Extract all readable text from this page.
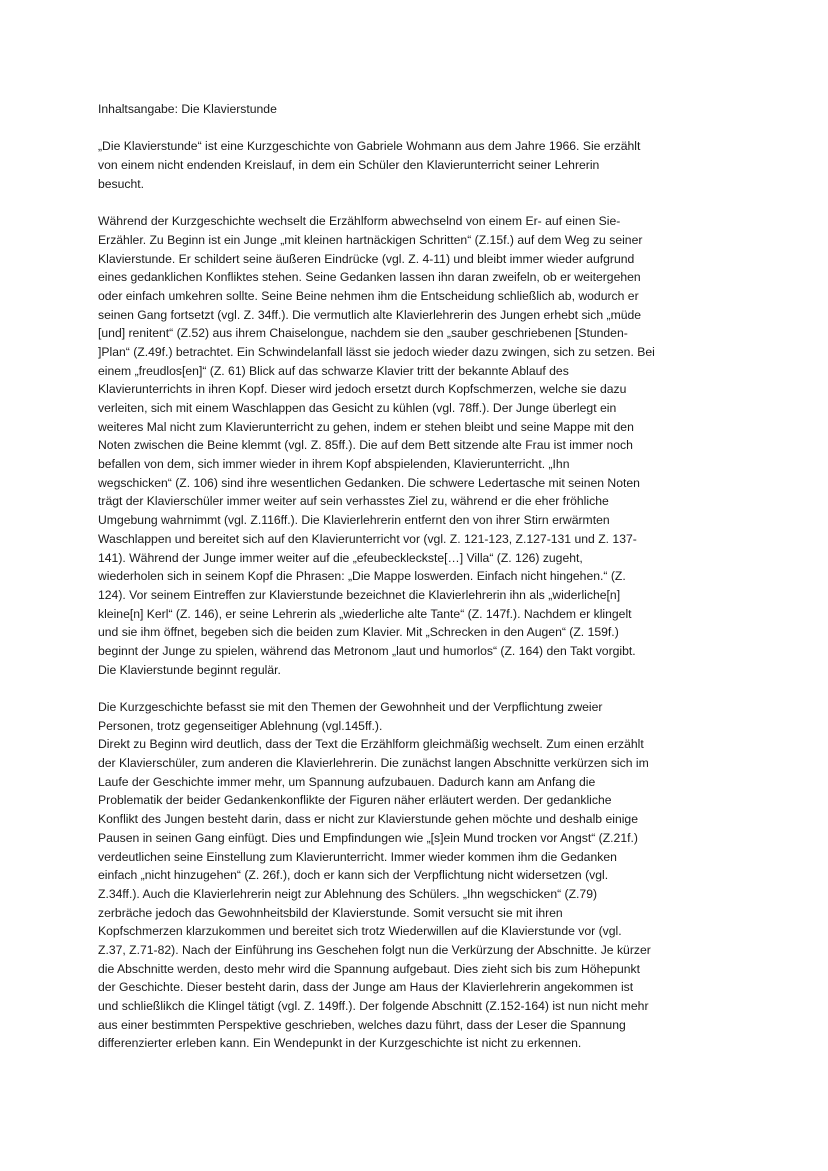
Inhaltsangabe: Die Klavierstunde
„Die Klavierstunde“ ist eine Kurzgeschichte von Gabriele Wohmann aus dem Jahre 1966. Sie erzählt
von einem nicht endenden Kreislauf, in dem ein Schüler den Klavierunterricht seiner Lehrerin
besucht.
Während der Kurzgeschichte wechselt die Erzählform abwechselnd von einem Er- auf einen Sie-
Erzähler. Zu Beginn ist ein Junge „mit kleinen hartnäckigen Schritten“ (Z.15f.) auf dem Weg zu seiner
Klavierstunde. Er schildert seine äußeren Eindrücke (vgl. Z. 4-11) und bleibt immer wieder aufgrund
eines gedanklichen Konfliktes stehen. Seine Gedanken lassen ihn daran zweifeln, ob er weitergehen
oder einfach umkehren sollte. Seine Beine nehmen ihm die Entscheidung schließlich ab, wodurch er
seinen Gang fortsetzt (vgl. Z. 34ff.). Die vermutlich alte Klavierlehrerin des Jungen erhebt sich „müde
[und] renitent“ (Z.52) aus ihrem Chaiselongue, nachdem sie den „sauber geschriebenen [Stunden-
]Plan“ (Z.49f.) betrachtet. Ein Schwindelanfall lässt sie jedoch wieder dazu zwingen, sich zu setzen. Bei
einem „freudlos[en]“ (Z. 61) Blick auf das schwarze Klavier tritt der bekannte Ablauf des
Klavierunterrichts in ihren Kopf. Dieser wird jedoch ersetzt durch Kopfschmerzen, welche sie dazu
verleiten, sich mit einem Waschlappen das Gesicht zu kühlen (vgl. 78ff.). Der Junge überlegt ein
weiteres Mal nicht zum Klavierunterricht zu gehen, indem er stehen bleibt und seine Mappe mit den
Noten zwischen die Beine klemmt (vgl. Z. 85ff.). Die auf dem Bett sitzende alte Frau ist immer noch
befallen von dem, sich immer wieder in ihrem Kopf abspielenden, Klavierunterricht. „Ihn
wegschicken“ (Z. 106) sind ihre wesentlichen Gedanken. Die schwere Ledertasche mit seinen Noten
trägt der Klavierschüler immer weiter auf sein verhasstes Ziel zu, während er die eher fröhliche
Umgebung wahrnimmt (vgl. Z.116ff.). Die Klavierlehrerin entfernt den von ihrer Stirn erwärmten
Waschlappen und bereitet sich auf den Klavierunterricht vor (vgl. Z. 121-123, Z.127-131 und Z. 137-
141). Während der Junge immer weiter auf die „efeubeckleckste[…] Villa“ (Z. 126) zugeht,
wiederholen sich in seinem Kopf die Phrasen: „Die Mappe loswerden. Einfach nicht hingehen.“ (Z.
124). Vor seinem Eintreffen zur Klavierstunde bezeichnet die Klavierlehrerin ihn als „widerliche[n]
kleine[n] Kerl“ (Z. 146), er seine Lehrerin als „wiederliche alte Tante“ (Z. 147f.). Nachdem er klingelt
und sie ihm öffnet, begeben sich die beiden zum Klavier. Mit „Schrecken in den Augen“ (Z. 159f.)
beginnt der Junge zu spielen, während das Metronom „laut und humorlos“ (Z. 164) den Takt vorgibt.
Die Klavierstunde beginnt regulär.
Die Kurzgeschichte befasst sie mit den Themen der Gewohnheit und der Verpflichtung zweier
Personen, trotz gegenseitiger Ablehnung (vgl.145ff.).
Direkt zu Beginn wird deutlich, dass der Text die Erzählform gleichmäßig wechselt. Zum einen erzählt
der Klavierschüler, zum anderen die Klavierlehrerin. Die zunächst langen Abschnitte verkürzen sich im
Laufe der Geschichte immer mehr, um Spannung aufzubauen. Dadurch kann am Anfang die
Problematik der beider Gedankenkonflikte der Figuren näher erläutert werden. Der gedankliche
Konflikt des Jungen besteht darin, dass er nicht zur Klavierstunde gehen möchte und deshalb einige
Pausen in seinen Gang einfügt. Dies und Empfindungen wie „[s]ein Mund trocken vor Angst“ (Z.21f.)
verdeutlichen seine Einstellung zum Klavierunterricht. Immer wieder kommen ihm die Gedanken
einfach „nicht hinzugehen“ (Z. 26f.), doch er kann sich der Verpflichtung nicht widersetzen (vgl.
Z.34ff.). Auch die Klavierlehrerin neigt zur Ablehnung des Schülers. „Ihn wegschicken“ (Z.79)
zerbräche jedoch das Gewohnheitsbild der Klavierstunde. Somit versucht sie mit ihren
Kopfschmerzen klarzukommen und bereitet sich trotz Wiederwillen auf die Klavierstunde vor (vgl.
Z.37, Z.71-82). Nach der Einführung ins Geschehen folgt nun die Verkürzung der Abschnitte. Je kürzer
die Abschnitte werden, desto mehr wird die Spannung aufgebaut. Dies zieht sich bis zum Höhepunkt
der Geschichte. Dieser besteht darin, dass der Junge am Haus der Klavierlehrerin angekommen ist
und schließlikch die Klingel tätigt (vgl. Z. 149ff.). Der folgende Abschnitt (Z.152-164) ist nun nicht mehr
aus einer bestimmten Perspektive geschrieben, welches dazu führt, dass der Leser die Spannung
differenzierter erleben kann. Ein Wendepunkt in der Kurzgeschichte ist nicht zu erkennen.
